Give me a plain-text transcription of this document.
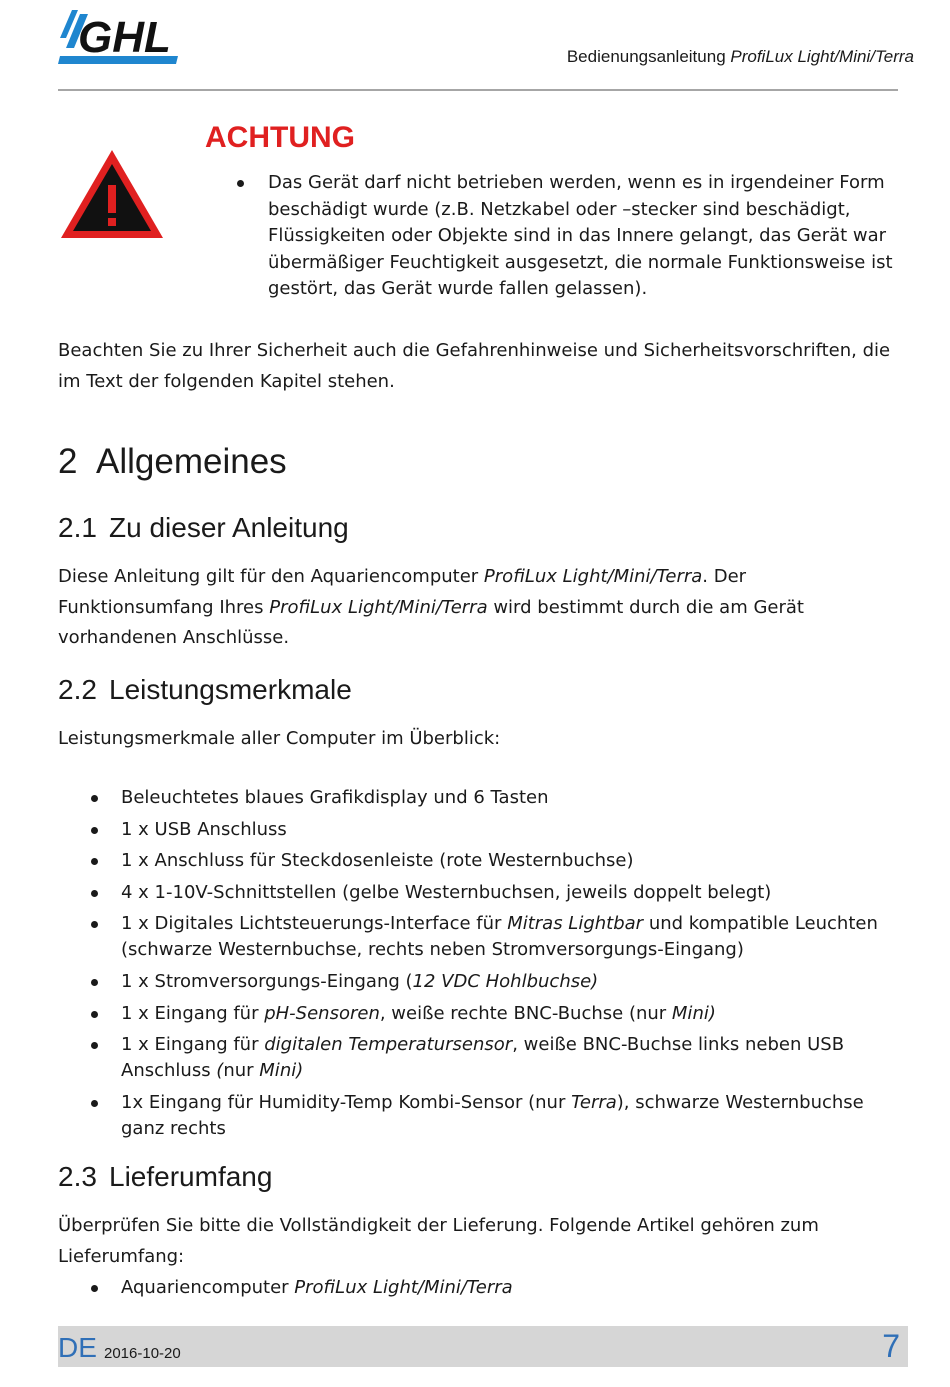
GHL	Bedienungsanleitung ProfiLux Light/Mini/Terra
ACHTUNG
Das Gerät darf nicht betrieben werden, wenn es in irgendeiner Form beschädigt wurde (z.B. Netzkabel oder –stecker sind beschädigt, Flüssigkeiten oder Objekte sind in das Innere gelangt, das Gerät war übermäßiger Feuchtigkeit ausgesetzt, die normale Funktionsweise ist gestört, das Gerät wurde fallen gelassen).

Beachten Sie zu Ihrer Sicherheit auch die Gefahrenhinweise und Sicherheitsvorschriften, die im Text der folgenden Kapitel stehen.

2 Allgemeines
2.1 Zu dieser Anleitung

Diese Anleitung gilt für den Aquariencomputer ProfiLux Light/Mini/Terra. Der Funktionsumfang Ihres ProfiLux Light/Mini/Terra wird bestimmt durch die am Gerät vorhandenen Anschlüsse.

2.2 Leistungsmerkmale

Leistungsmerkmale aller Computer im Überblick:

Beleuchtetes blaues Grafikdisplay und 6 Tasten
1 x USB Anschluss
1 x Anschluss für Steckdosenleiste (rote Westernbuchse)
4 x 1-10V-Schnittstellen (gelbe Westernbuchsen, jeweils doppelt belegt)
1 x Digitales Lichtsteuerungs-Interface für Mitras Lightbar und kompatible Leuchten (schwarze Westernbuchse, rechts neben Stromversorgungs-Eingang)
1 x Stromversorgungs-Eingang (12 VDC Hohlbuchse)
1 x Eingang für pH-Sensoren, weiße rechte BNC-Buchse (nur Mini)
1 x Eingang für digitalen Temperatursensor, weiße BNC-Buchse links neben USB Anschluss (nur Mini)
1x Eingang für Humidity-Temp Kombi-Sensor (nur Terra), schwarze Westernbuchse ganz rechts
2.3 Lieferumfang

Überprüfen Sie bitte die Vollständigkeit der Lieferung. Folgende Artikel gehören zum Lieferumfang:

Aquariencomputer ProfiLux Light/Mini/Terra
DE 2016-10-20	7
